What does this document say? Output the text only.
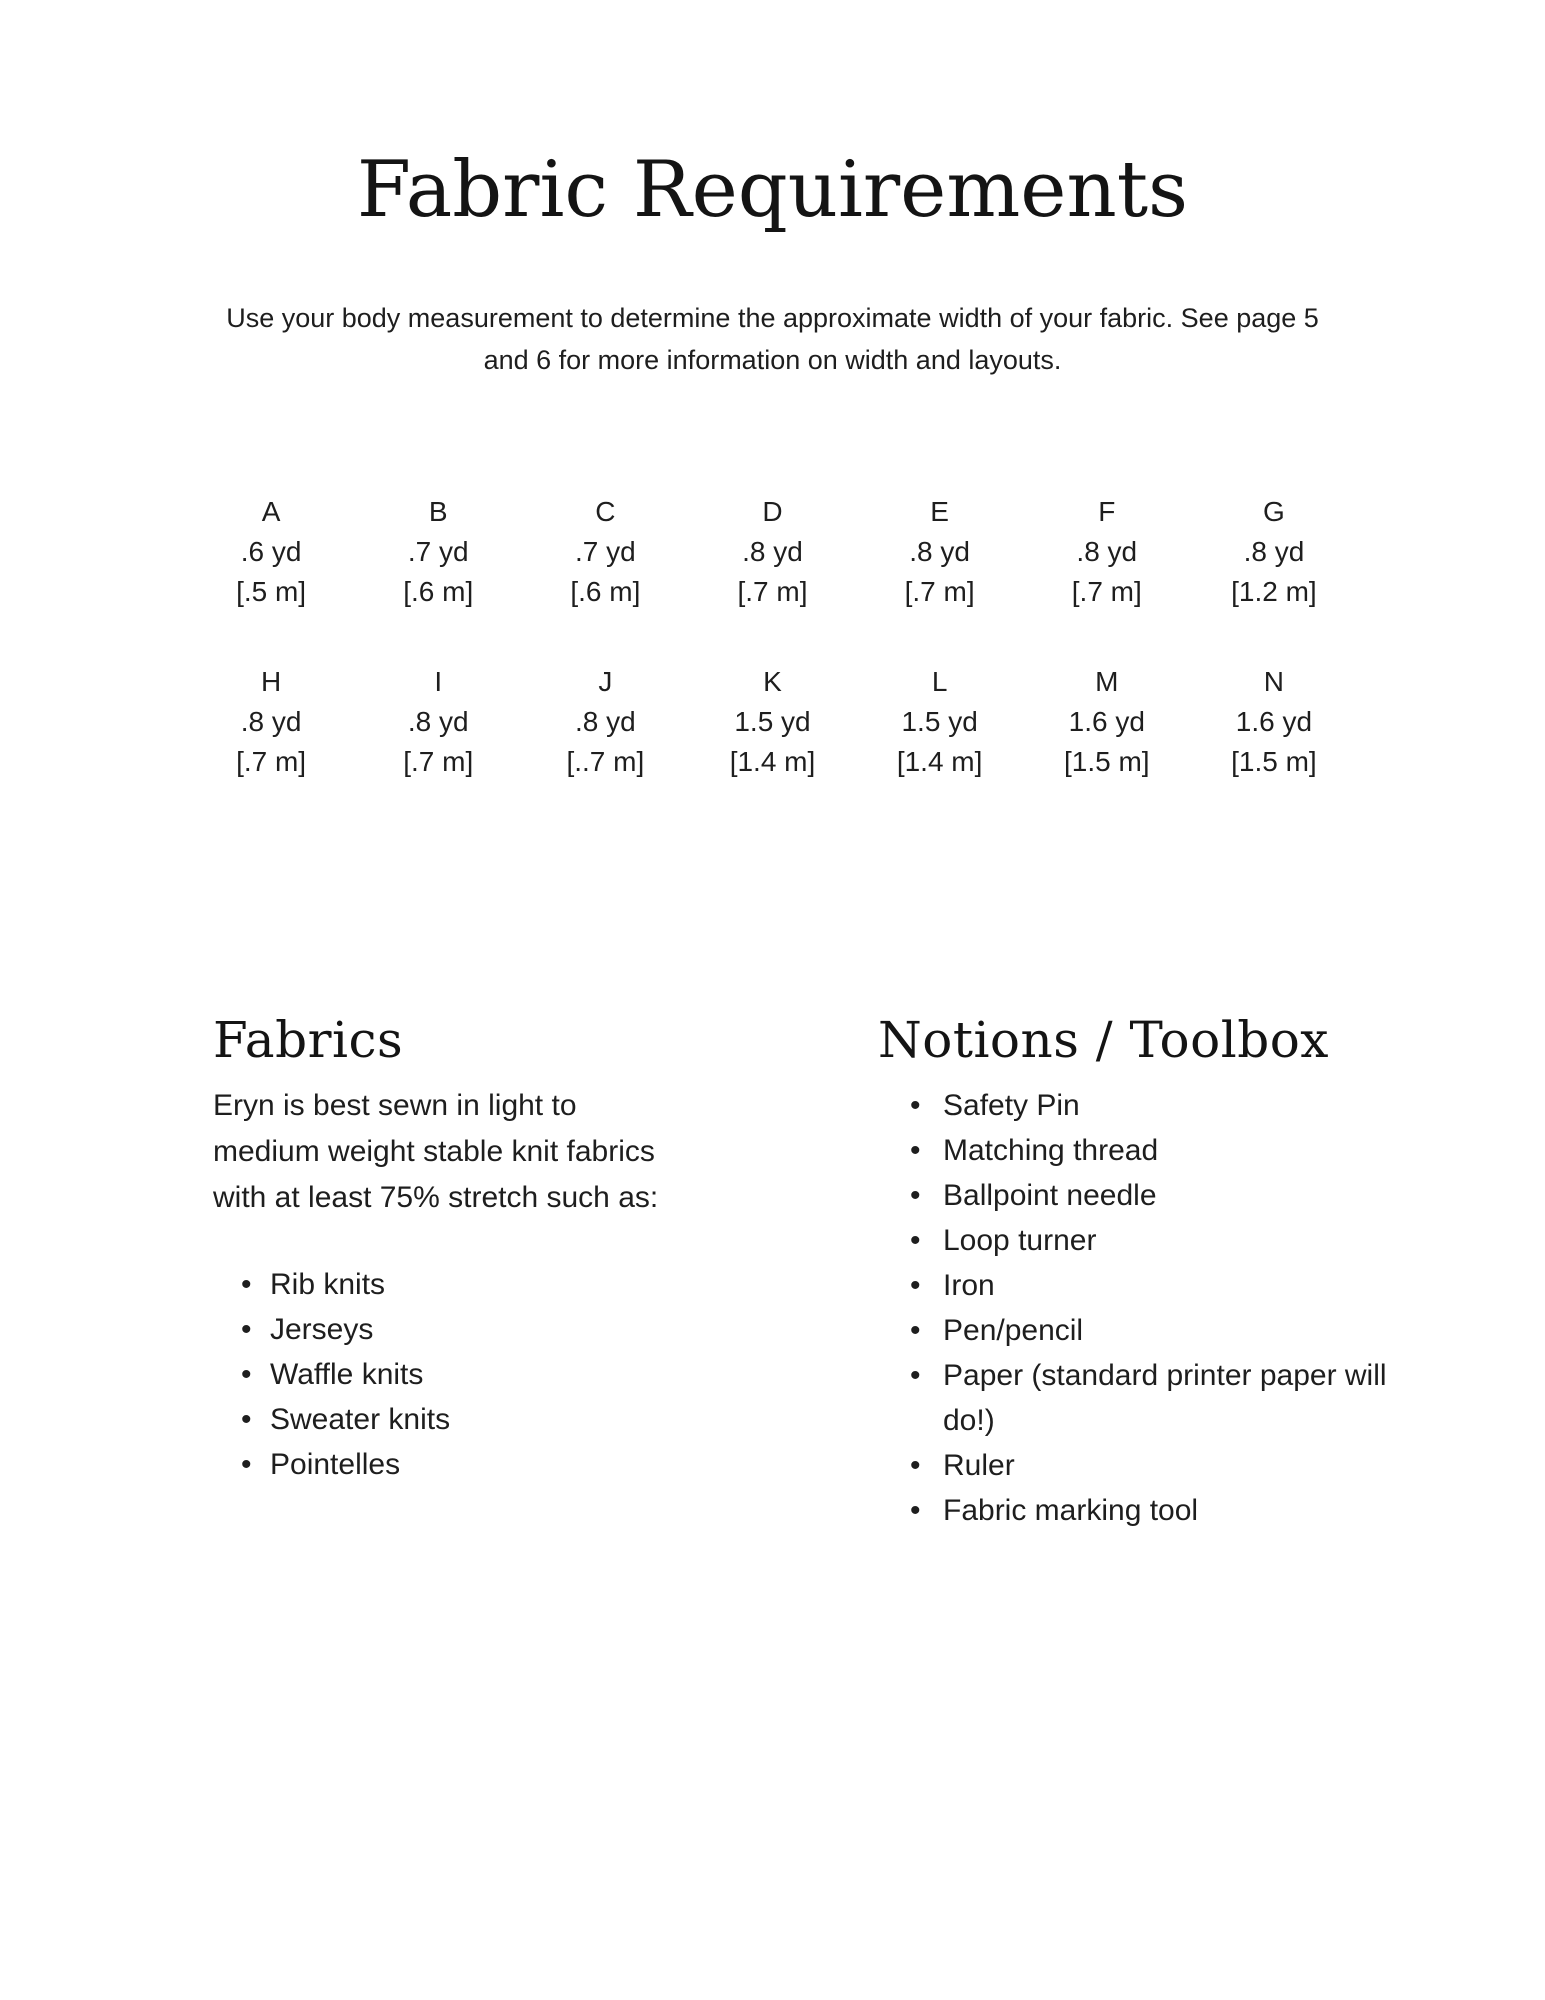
Fabric Requirements
Use your body measurement to determine the approximate width of your fabric. See page 5
and 6 for more information on width and layouts.
A
.6 yd
[.5 m]
B
.7 yd
[.6 m]
C
.7 yd
[.6 m]
D
.8 yd
[.7 m]
E
.8 yd
[.7 m]
F
.8 yd
[.7 m]
G
.8 yd
[1.2 m]
H
.8 yd
[.7 m]
I
.8 yd
[.7 m]
J
.8 yd
[..7 m]
K
1.5 yd
[1.4 m]
L
1.5 yd
[1.4 m]
M
1.6 yd
[1.5 m]
N
1.6 yd
[1.5 m]
Fabrics
Eryn is best sewn in light to
medium weight stable knit fabrics
with at least 75% stretch such as:
• Rib knits
• Jerseys
• Waffle knits
• Sweater knits
• Pointelles
Notions / Toolbox
• Safety Pin
• Matching thread
• Ballpoint needle
• Loop turner
• Iron
• Pen/pencil
• Paper (standard printer paper will do!)
• Ruler
• Fabric marking tool
